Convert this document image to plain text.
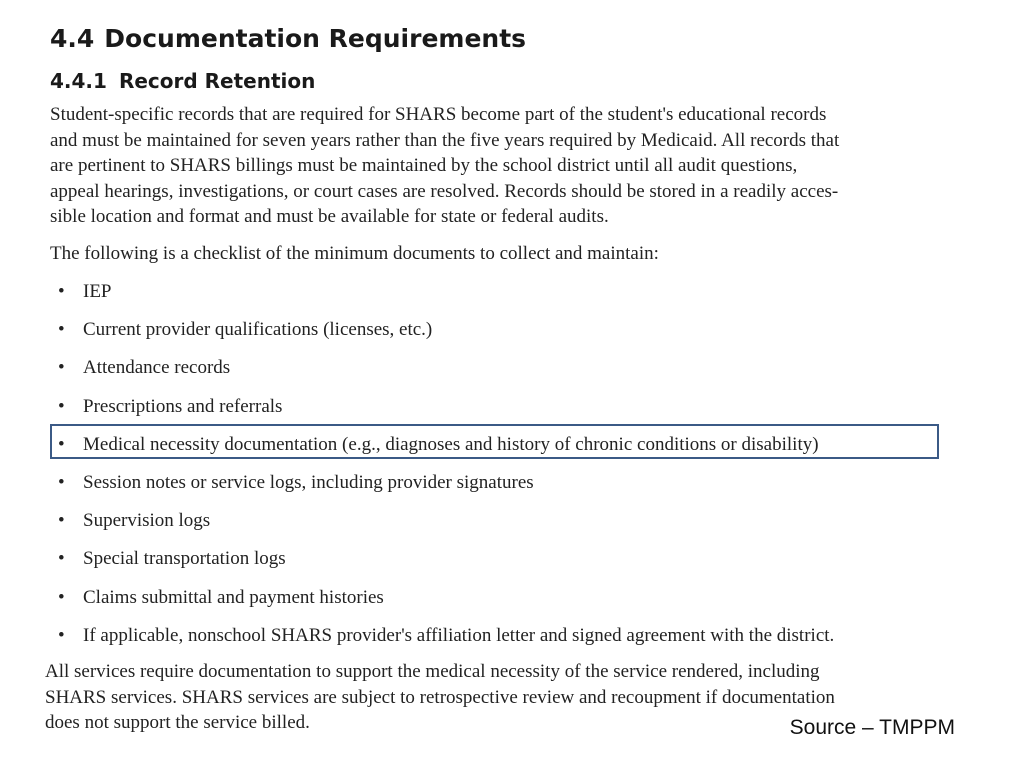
4.4 Documentation Requirements
4.4.1 Record Retention
Student-specific records that are required for SHARS become part of the student's educational records
and must be maintained for seven years rather than the five years required by Medicaid. All records that
are pertinent to SHARS billings must be maintained by the school district until all audit questions,
appeal hearings, investigations, or court cases are resolved. Records should be stored in a readily acces-
sible location and format and must be available for state or federal audits.
The following is a checklist of the minimum documents to collect and maintain:
• IEP
• Current provider qualifications (licenses, etc.)
• Attendance records
• Prescriptions and referrals
• Medical necessity documentation (e.g., diagnoses and history of chronic conditions or disability)
• Session notes or service logs, including provider signatures
• Supervision logs
• Special transportation logs
• Claims submittal and payment histories
• If applicable, nonschool SHARS provider's affiliation letter and signed agreement with the district.
All services require documentation to support the medical necessity of the service rendered, including
SHARS services. SHARS services are subject to retrospective review and recoupment if documentation
does not support the service billed.	Source – TMPPM
